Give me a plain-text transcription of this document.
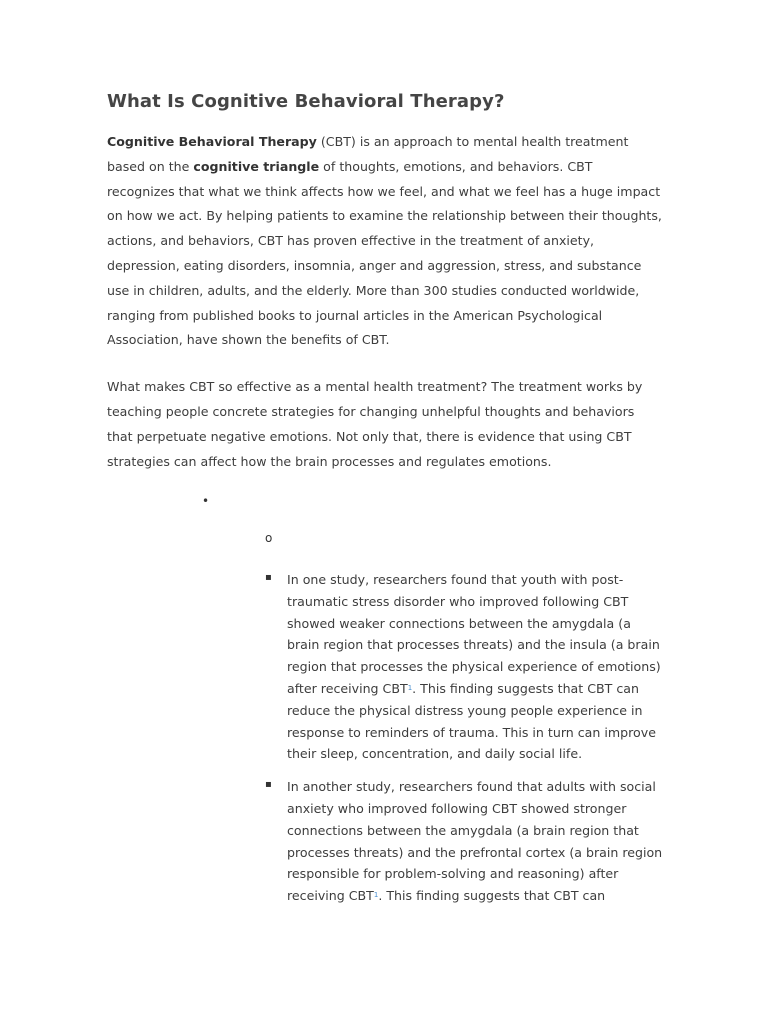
What Is Cognitive Behavioral Therapy?

Cognitive Behavioral Therapy (CBT) is an approach to mental health treatment based on the cognitive triangle of thoughts, emotions, and behaviors. CBT recognizes that what we think affects how we feel, and what we feel has a huge impact on how we act. By helping patients to examine the relationship between their thoughts, actions, and behaviors, CBT has proven effective in the treatment of anxiety, depression, eating disorders, insomnia, anger and aggression, stress, and substance use in children, adults, and the elderly. More than 300 studies conducted worldwide, ranging from published books to journal articles in the American Psychological Association, have shown the benefits of CBT.

What makes CBT so effective as a mental health treatment? The treatment works by teaching people concrete strategies for changing unhelpful thoughts and behaviors that perpetuate negative emotions. Not only that, there is evidence that using CBT strategies can affect how the brain processes and regulates emotions.

•
o
▪ In one study, researchers found that youth with post-traumatic stress disorder who improved following CBT showed weaker connections between the amygdala (a brain region that processes threats) and the insula (a brain region that processes the physical experience of emotions) after receiving CBT$^1$. This finding suggests that CBT can reduce the physical distress young people experience in response to reminders of trauma. This in turn can improve their sleep, concentration, and daily social life.
▪ In another study, researchers found that adults with social anxiety who improved following CBT showed stronger connections between the amygdala (a brain region that processes threats) and the prefrontal cortex (a brain region responsible for problem-solving and reasoning) after receiving CBT$^1$. This finding suggests that CBT can
